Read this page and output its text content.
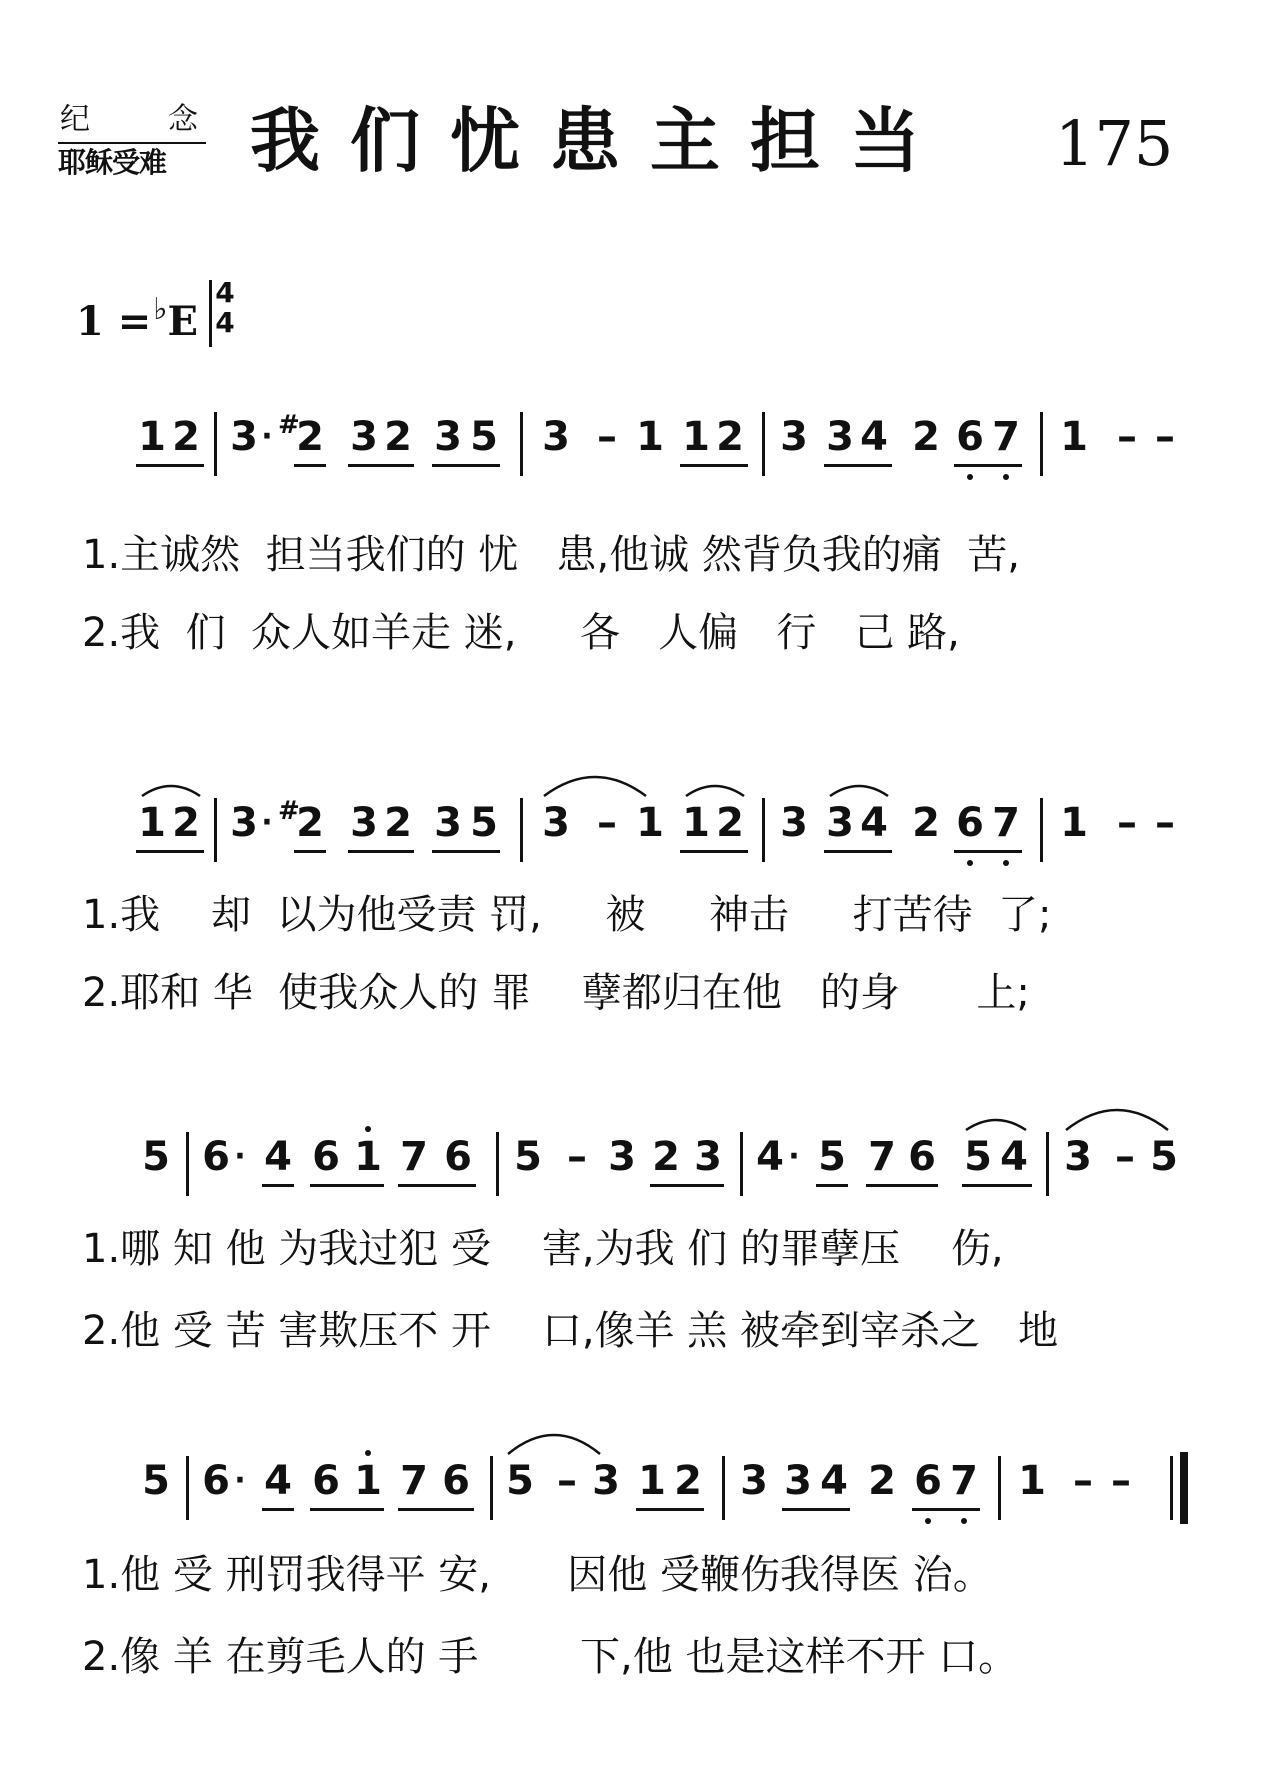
纪	念
耶稣受难	我们忧患主担当 175
1 =♭E
4
4
1 2 3 · #
2 3 2 3 5 3 – 1 1 2 3 3 4 2 6 7 1 – –
1.主诚然  担当我们的 忧   患,他诚 然背负我的痛  苦,
2.我  们  众人如羊走 迷,     各   人偏   行   己 路,
1 2 3 · #
2 3 2 3 5 3 – 1 1 2 3 3 4 2 6 7 1 – –
1.我    却  以为他受责 罚,     被     神击     打苦待  了;
2.耶和 华  使我众人的 罪    孽都归在他   的身      上;
5 6 · 4 6 1 7 6 5 – 3 2 3 4 · 5 7 6 5 4 3 – 5
1.哪 知 他 为我过犯 受    害,为我 们 的罪孽压    伤,
2.他 受 苦 害欺压不 开    口,像羊 羔 被牵到宰杀之   地
5 6 · 4 6 1 7 6 5 – 3 1 2 3 3 4 2 6 7 1 – –
1.他 受 刑罚我得平 安,      因他 受鞭伤我得医 治。
2.像 羊 在剪毛人的 手        下,他 也是这样不开 口。
